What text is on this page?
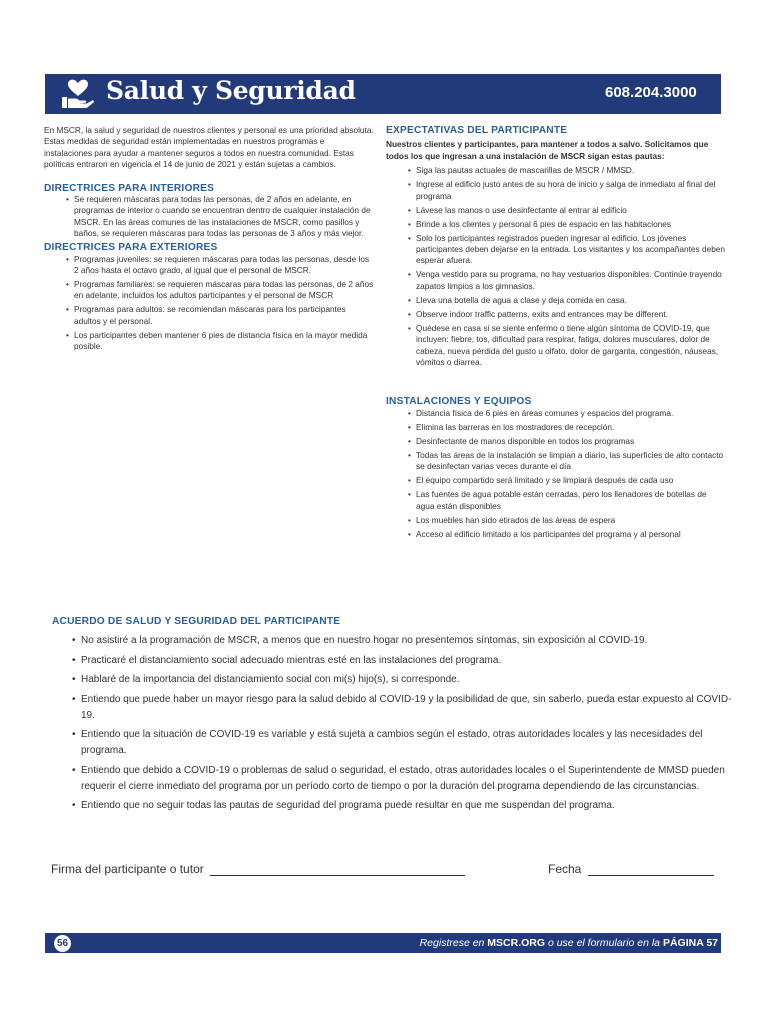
Salud y Seguridad	608.204.3000

En MSCR, la salud y seguridad de nuestros clientes y personal es una prioridad absoluta. Estas medidas de seguridad están implementadas en nuestros programas e instalaciones para ayudar a mantener seguros a todos en nuestra comunidad. Estas políticas entraron en vigencia el 14 de junio de 2021 y están sujetas a cambios.

DIRECTRICES PARA INTERIORES
• Se requieren máscaras para todas las personas, de 2 años en adelante, en programas de interior o cuando se encuentran dentro de cualquier instalación de MSCR. En las áreas comunes de las instalaciones de MSCR, como pasillos y baños, se requieren máscaras para todas las personas de 3 años y más viejor.
DIRECTRICES PARA EXTERIORES
• Programas juveniles: se requieren máscaras para todas las personas, desde los 2 años hasta el octavo grado, al igual que el personal de MSCR.
• Programas familiares: se requieren máscaras para todas las personas, de 2 años en adelante, incluidos los adultos participantes y el personal de MSCR
• Programas para adultos: se recomiendan máscaras para los participantes adultos y el personal.
• Los participantes deben mantener 6 pies de distancia física en la mayor medida posible.
EXPECTATIVAS DEL PARTICIPANTE

Nuestros clientes y participantes, para mantener a todos a salvo. Solicitamos que todos los que ingresan a una instalación de MSCR sigan estas pautas:

• Siga las pautas actuales de mascarillas de MSCR / MMSD.
• Ingrese al edificio justo antes de su hora de inicio y salga de inmediato al final del programa
• Lávese las manos o use desinfectante al entrar al edificio
• Brinde a los clientes y personal 6 pies de espacio en las habitaciones
• Solo los participantes registrados pueden ingresar al edificio. Los jóvenes participantes deben dejarse en la entrada. Los visitantes y los acompañantes deben esperar afuera.
• Venga vestido para su programa, no hay vestuarios disponibles. Continúe trayendo zapatos limpios a los gimnasios.
• Lleva una botella de agua a clase y deja comida en casa.
• Observe indoor traffic patterns, exits and entrances may be different.
• Quédese en casa si se siente enfermo o tiene algún síntoma de COVID-19, que incluyen: fiebre, tos, dificultad para respirar, fatiga, dolores musculares, dolor de cabeza, nueva pérdida del gusto u olfato, dolor de garganta, congestión, náuseas, vómitos o diarrea.
INSTALACIONES Y EQUIPOS
• Distancia física de 6 pies en áreas comunes y espacios del programa.
• Elimina las barreras en los mostradores de recepción.
• Desinfectante de manos disponible en todos los programas
• Todas las áreas de la instalación se limpian a diario, las superficies de alto contacto se desinfectan varias veces durante el día
• El equipo compartido será limitado y se limpiará después de cada uso
• Las fuentes de agua potable están cerradas, pero los llenadores de botellas de agua están disponibles
• Los muebles han sido etirados de las áreas de espera
• Acceso al edificio limitado a los participantes del programa y al personal
ACUERDO DE SALUD Y SEGURIDAD DEL PARTICIPANTE
• No asistiré a la programación de MSCR, a menos que en nuestro hogar no presentemos síntomas, sin exposición al COVID-19.
• Practicaré el distanciamiento social adecuado mientras esté en las instalaciones del programa.
• Hablaré de la importancia del distanciamiento social con mi(s) hijo(s), si corresponde.
• Entiendo que puede haber un mayor riesgo para la salud debido al COVID-19 y la posibilidad de que, sin saberlo, pueda estar expuesto al COVID-19.
• Entiendo que la situación de COVID-19 es variable y está sujeta a cambios según el estado, otras autoridades locales y las necesidades del programa.
• Entiendo que debido a COVID-19 o problemas de salud o seguridad, el estado, otras autoridades locales o el Superintendente de MMSD pueden requerir el cierre inmediato del programa por un período corto de tiempo o por la duración del programa dependiendo de las circunstancias.
• Entiendo que no seguir todas las pautas de seguridad del programa puede resultar en que me suspendan del programa.
Firma del participante o tutor	Fecha
56	Registrese en MSCR.ORG o use el formulario en la PÁGINA 57
